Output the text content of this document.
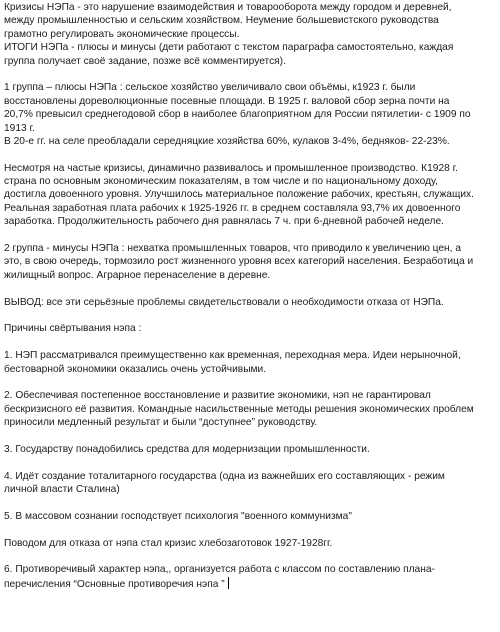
Кризисы НЭПа - это нарушение взаимодействия и товарооборота между городом и деревней,
между промышленностью и сельским хозяйством. Неумение большевистского руководства
грамотно регулировать экономические процессы.
ИТОГИ НЭПа - плюсы и минусы (дети работают с текстом параграфа самостоятельно, каждая
группа получает своё задание, позже всё комментируется).
1 группа – плюсы НЭПа : сельское хозяйство увеличивало свои объёмы, к1923 г. были
восстановлены дореволюционные посевные площади. В 1925 г. валовой сбор зерна почти на
20,7% превысил среднегодовой сбор в наиболее благоприятном для России пятилетии- с 1909 по
1913 г.
В 20-е гг. на селе преобладали середняцкие хозяйства 60%, кулаков 3-4%, бедняков- 22-23%.
Несмотря на частые кризисы, динамично развивалось и промышленное производство. К1928 г.
страна по основным экономическим показателям, в том числе и по национальному доходу,
достигла довоенного уровня. Улучшилось материальное положение рабочих, крестьян, служащих.
Реальная заработная плата рабочих к 1925-1926 гг. в среднем составляла 93,7% их довоенного
заработка. Продолжительность рабочего дня равнялась 7 ч. при 6-дневной рабочей неделе.
2 группа - минусы НЭПа : нехватка промышленных товаров, что приводило к увеличению цен, а
это, в свою очередь, тормозило рост жизненного уровня всех категорий населения. Безработица и
жилищный вопрос. Аграрное перенаселение в деревне.
ВЫВОД: все эти серьёзные проблемы свидетельствовали о необходимости отказа от НЭПа.
Причины свёртывания нэпа :
1. НЭП рассматривался преимущественно как временная, переходная мера. Идеи нерыночной,
бестоварной экономики оказались очень устойчивыми.
2. Обеспечивая постепенное восстановление и развитие экономики, нэп не гарантировал
бескризисного её развития. Командные насильственные методы решения экономических проблем
приносили медленный результат и были “доступнее” руководству.
3. Государству понадобились средства для модернизации промышленности.
4. Идёт создание тоталитарного государства (одна из важнейших его составляющих - режим
личной власти Сталина)
5. В массовом сознании господствует психология "военного коммунизма"
Поводом для отказа от нэпа стал кризис хлебозаготовок 1927-1928гг.
6. Противоречивый характер нэпа,, организуется работа с классом по составлению плана-
перечисления “Основные противоречия нэпа ”
